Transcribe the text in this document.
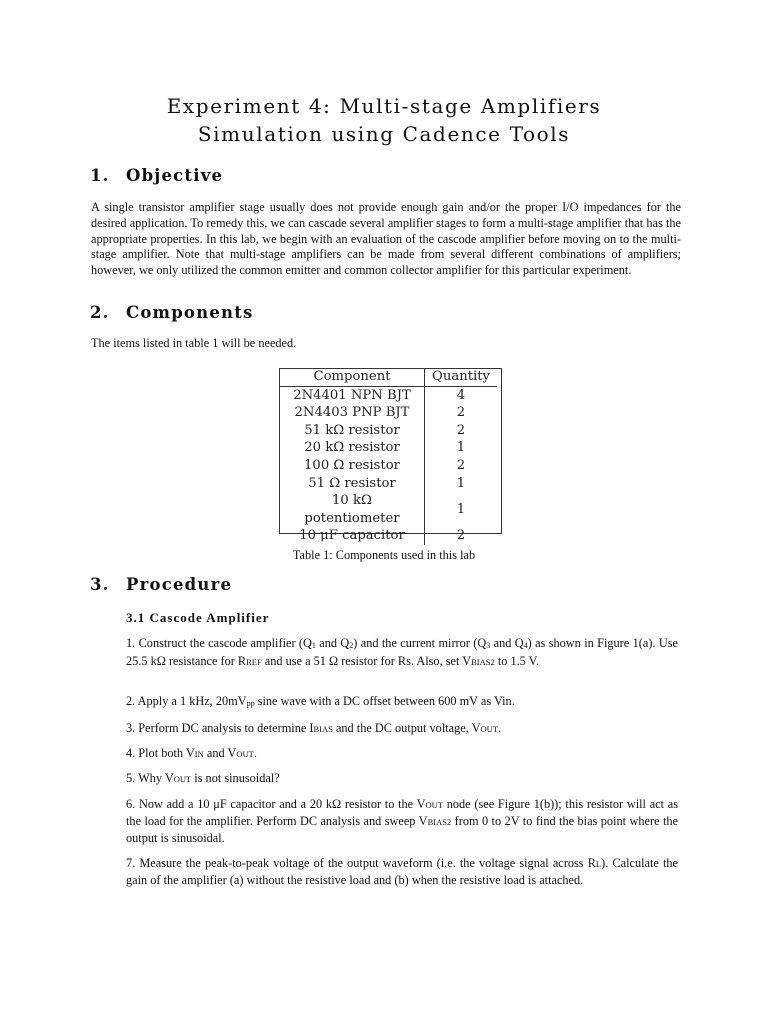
Experiment 4: Multi-stage Amplifiers
Simulation using Cadence Tools
1. Objective

A single transistor amplifier stage usually does not provide enough gain and/or the proper I/O impedances for the desired application. To remedy this, we can cascade several amplifier stages to form a multi-stage amplifier that has the appropriate properties. In this lab, we begin with an evaluation of the cascode amplifier before moving on to the multi-stage amplifier. Note that multi-stage amplifiers can be made from several different combinations of amplifiers; however, we only utilized the common emitter and common collector amplifier for this particular experiment.

2. Components

The items listed in table 1 will be needed.

Component	Quantity
2N4401 NPN BJT	4
2N4403 PNP BJT	2
51 kΩ resistor	2
20 kΩ resistor	1
100 Ω resistor	2
51 Ω resistor	1
10 kΩ potentiometer	1
10 μF capacitor	2

Table 1: Components used in this lab

3. Procedure

3.1 Cascode Amplifier

1. Construct the cascode amplifier (Q1 and Q2) and the current mirror (Q3 and Q4) as shown in Figure 1(a). Use 25.5 kΩ resistance for RREF and use a 51 Ω resistor for Rs. Also, set VBIAS2 to 1.5 V.

2. Apply a 1 kHz, 20mVpp sine wave with a DC offset between 600 mV as Vin.

3. Perform DC analysis to determine IBIAS and the DC output voltage, VOUT.

4. Plot both VIN and VOUT.

5. Why VOUT is not sinusoidal?

6. Now add a 10 μF capacitor and a 20 kΩ resistor to the VOUT node (see Figure 1(b)); this resistor will act as the load for the amplifier. Perform DC analysis and sweep VBIAS2 from 0 to 2V to find the bias point where the output is sinusoidal.

7. Measure the peak-to-peak voltage of the output waveform (i.e. the voltage signal across RL). Calculate the gain of the amplifier (a) without the resistive load and (b) when the resistive load is attached.
